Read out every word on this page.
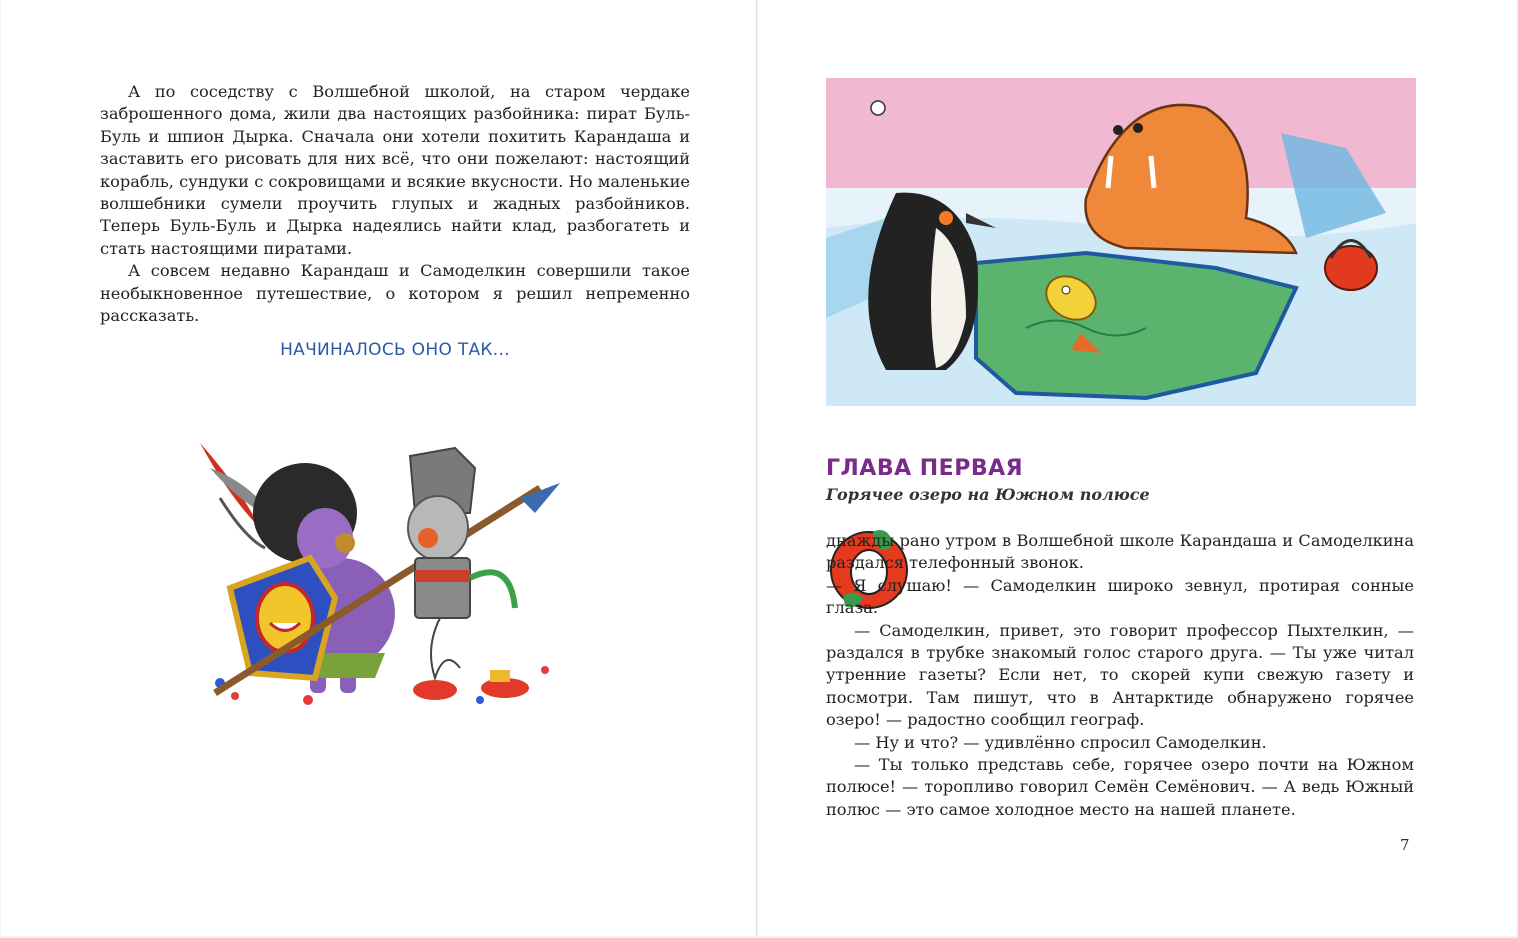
А по соседству с Волшебной школой, на старом чердаке заброшенного дома, жили два настоящих разбойника: пират Буль-Буль и шпион Дырка. Сначала они хотели похитить Карандаша и заставить его рисовать для них всё, что они пожелают: настоящий корабль, сундуки с сокровищами и всякие вкусности. Но маленькие волшебники сумели проучить глупых и жадных разбойников. Теперь Буль-Буль и Дырка надеялись найти клад, разбогатеть и стать настоящими пиратами.

А совсем недавно Карандаш и Самоделкин совершили такое необыкновенное путешествие, о котором я решил непременно рассказать.

НАЧИНАЛОСЬ ОНО ТАК...
ГЛАВА ПЕРВАЯ
Горячее озеро на Южном полюсе

днажды рано утром в Волшебной школе Карандаша и Самоделкина раздался телефонный звонок.

— Я слушаю! — Самоделкин широко зевнул, протирая сонные глаза.

— Самоделкин, привет, это говорит профессор Пыхтелкин, — раздался в трубке знакомый голос старого друга. — Ты уже читал утренние газеты? Если нет, то скорей купи свежую газету и посмотри. Там пишут, что в Антарктиде обнаружено горячее озеро! — радостно сообщил географ.

— Ну и что? — удивлённо спросил Самоделкин.

— Ты только представь себе, горячее озеро почти на Южном полюсе! — торопливо говорил Семён Семёнович. — А ведь Южный полюс — это самое холодное место на нашей планете.

7
